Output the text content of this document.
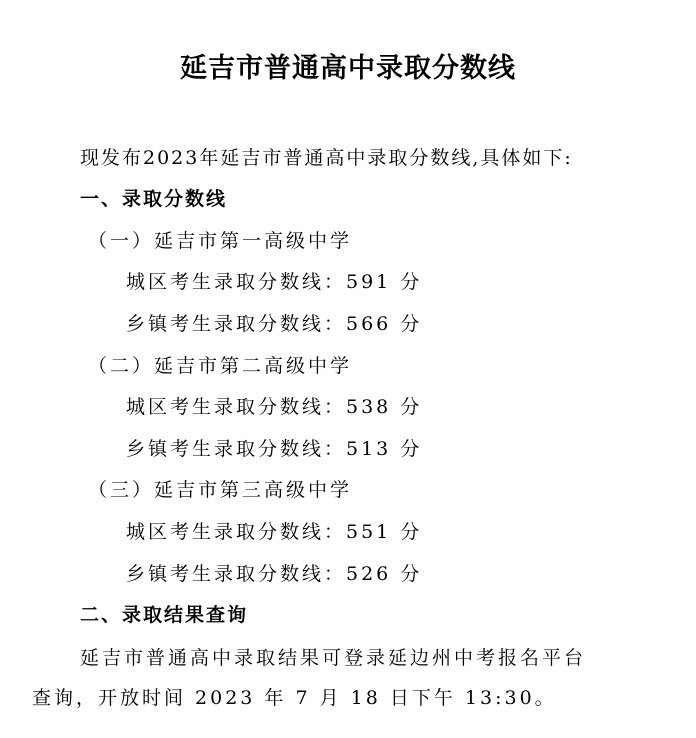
延吉市普通高中录取分数线
现发布2023年延吉市普通高中录取分数线,具体如下:
一、录取分数线
（一）延吉市第一高级中学
城区考生录取分数线：591 分
乡镇考生录取分数线：566 分
（二）延吉市第二高级中学
城区考生录取分数线：538 分
乡镇考生录取分数线：513 分
（三）延吉市第三高级中学
城区考生录取分数线：551 分
乡镇考生录取分数线：526 分
二、录取结果查询
延吉市普通高中录取结果可登录延边州中考报名平台
查询，开放时间 2023 年 7 月 18 日下午 13:30。
